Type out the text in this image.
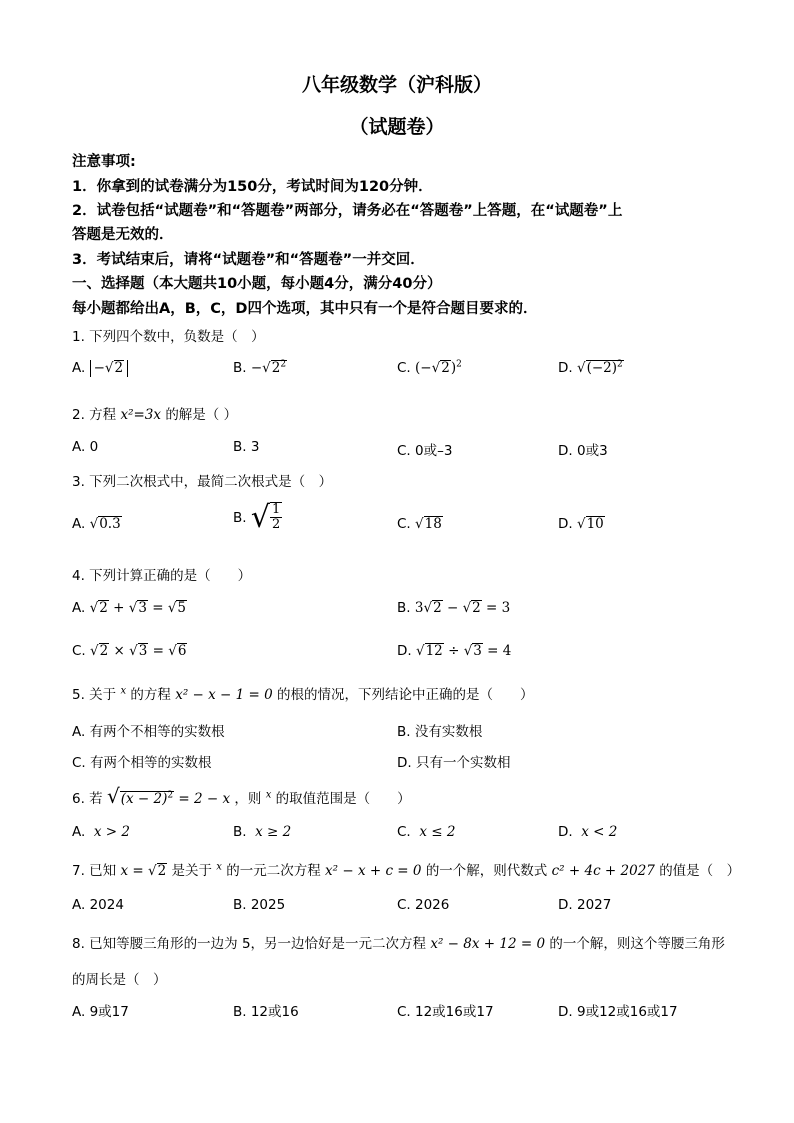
八年级数学（沪科版）
（试题卷）
注意事项:
1．你拿到的试卷满分为150分，考试时间为120分钟．
2．试卷包括“试题卷”和“答题卷”两部分，请务必在“答题卷”上答题，在“试题卷”上
答题是无效的．
3．考试结束后，请将“试题卷”和“答题卷”一并交回．
一、选择题（本大题共10小题，每小题4分，满分40分）
每小题都给出A，B，C，D四个选项，其中只有一个是符合题目要求的．
1. 下列四个数中，负数是（　）
A. −√2	B. $-√2^2$	C. $(-√2)^2$	D. $√(-2)^2$
2. 方程 x²=3x 的解是（ ）
A. 0	B. 3	C. 0或–3	D. 0或3
3. 下列二次根式中，最简二次根式是（　）
A. √0.3	B. √ $\frac{1}{2}$	C. √18	D. √10
4. 下列计算正确的是（　　）
A. √2 + √3 = √5	B. 3√2 − √2 = 3
C. √2 × √3 = √6	D. √12 ÷ √3 = 4
5. 关于 $^x$ 的方程 x² − x − 1 = 0 的根的情况，下列结论中正确的是（　　）
A. 有两个不相等的实数根	B. 没有实数根
C. 有两个相等的实数根	D. 只有一个实数相
6. 若 $√(x - 2)^2 = 2 - x$ ，则 $^x$ 的取值范围是（　　）
A. x > 2	B. x ≥ 2	C. x ≤ 2	D. x < 2
7. 已知 x = √2 是关于 $^x$ 的一元二次方程 x² − x + c = 0 的一个解，则代数式 c² + 4c + 2027 的值是（　）
A. 2024	B. 2025	C. 2026	D. 2027
8. 已知等腰三角形的一边为 5，另一边恰好是一元二次方程 x² − 8x + 12 = 0 的一个解，则这个等腰三角形
的周长是（　）
A. 9或17	B. 12或16	C. 12或16或17	D. 9或12或16或17
